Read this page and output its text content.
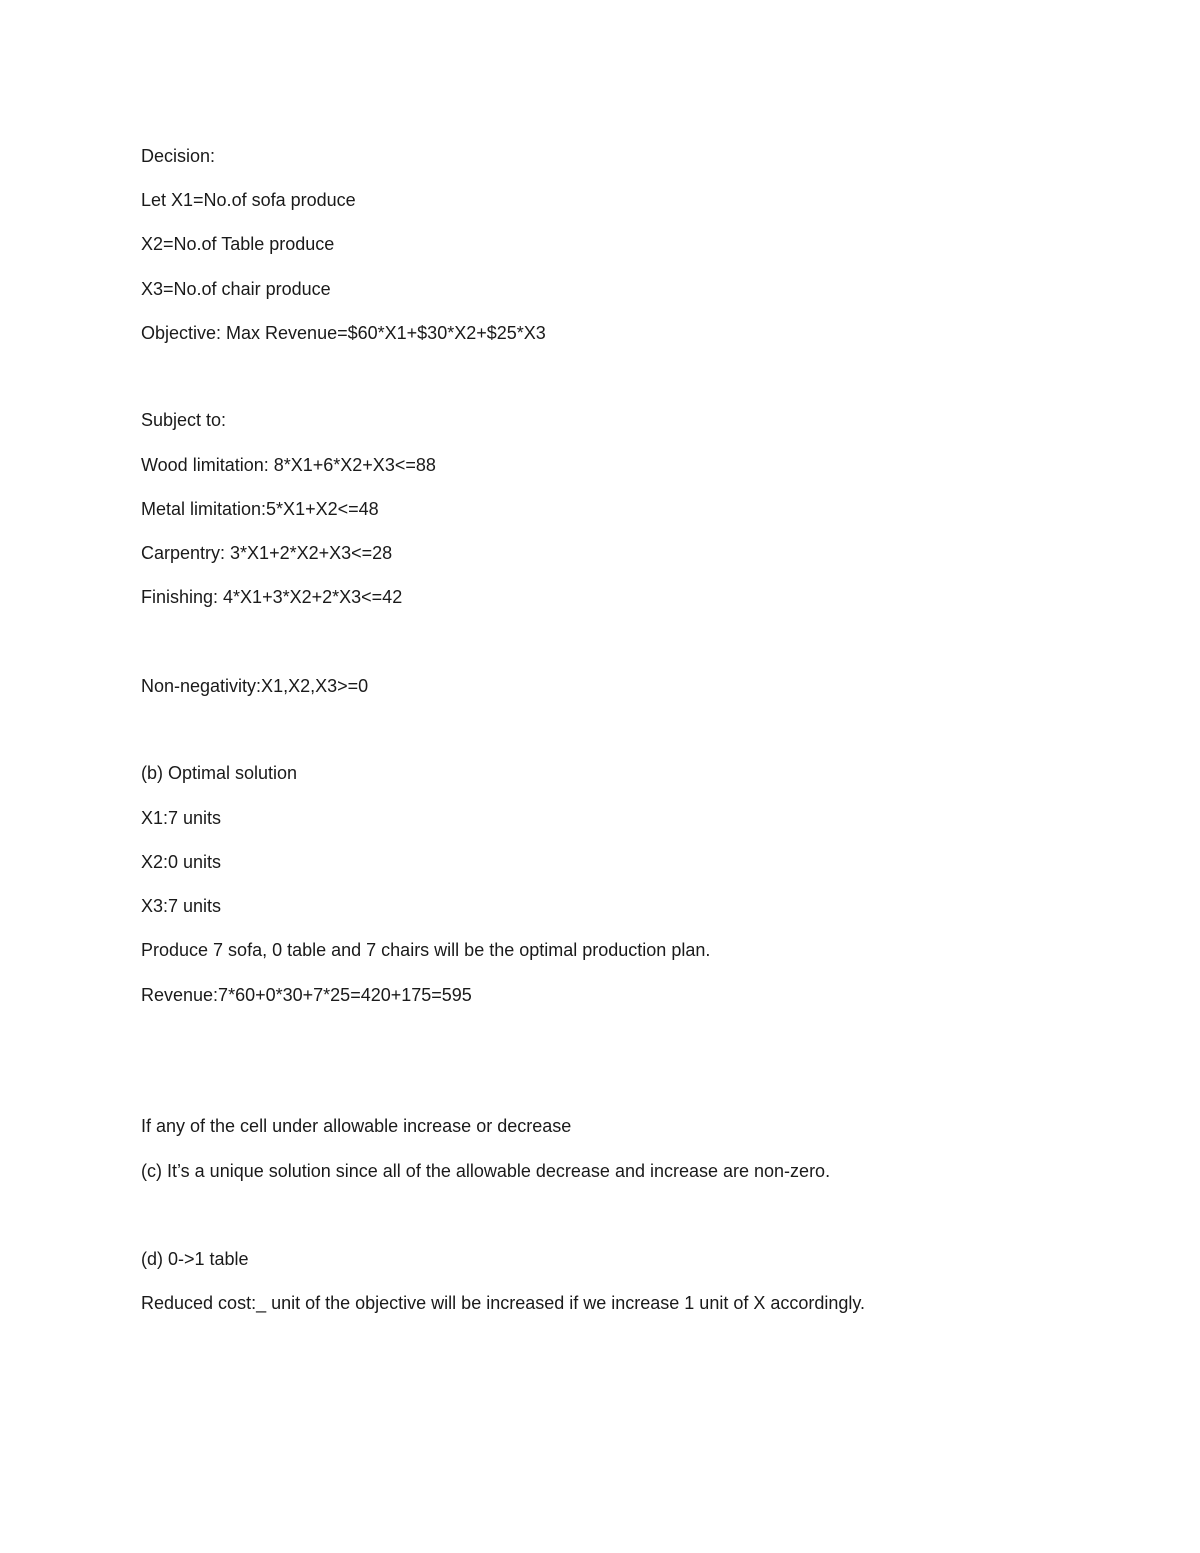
Decision:

Let X1=No.of sofa produce

X2=No.of Table produce

X3=No.of chair produce

Objective: Max Revenue=$60*X1+$30*X2+$25*X3

Subject to:

Wood limitation: 8*X1+6*X2+X3<=88

Metal limitation:5*X1+X2<=48

Carpentry: 3*X1+2*X2+X3<=28

Finishing: 4*X1+3*X2+2*X3<=42

Non-negativity:X1,X2,X3>=0

(b) Optimal solution

X1:7 units

X2:0 units

X3:7 units

Produce 7 sofa, 0 table and 7 chairs will be the optimal production plan.

Revenue:7*60+0*30+7*25=420+175=595

If any of the cell under allowable increase or decrease

(c) It’s a unique solution since all of the allowable decrease and increase are non-zero.

(d) 0->1 table

Reduced cost:_ unit of the objective will be increased if we increase 1 unit of X accordingly.
